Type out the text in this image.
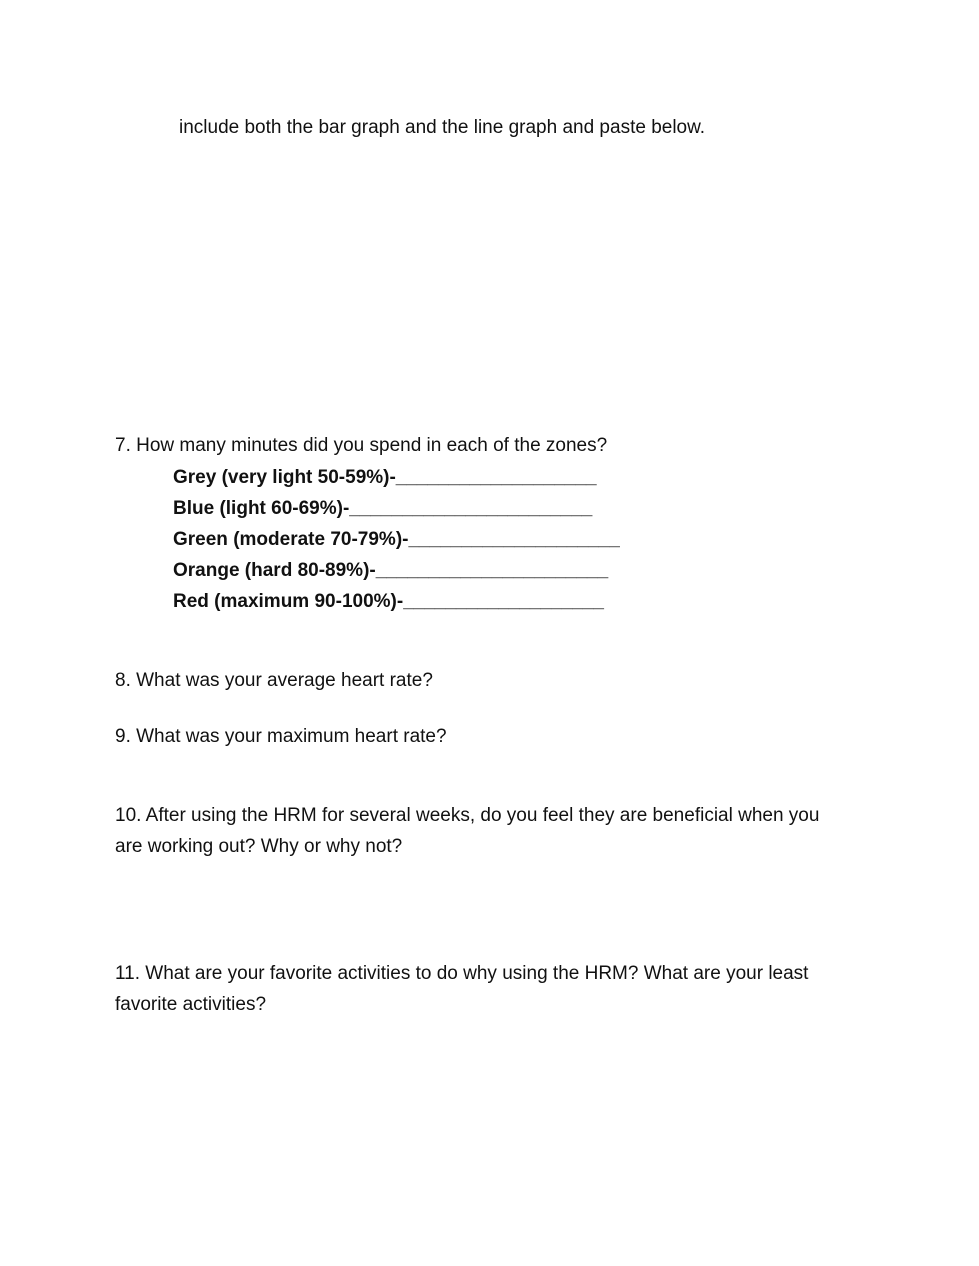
include both the bar graph and the line graph and paste below.
7. How many minutes did you spend in each of the zones?
Grey (very light 50-59%)-___________________
Blue (light 60-69%)-_______________________
Green (moderate 70-79%)-____________________
Orange (hard 80-89%)-______________________
Red (maximum 90-100%)-___________________
8. What was your average heart rate?
9. What was your maximum heart rate?
10. After using the HRM for several weeks, do you feel they are beneficial when you
are working out? Why or why not?
11. What are your favorite activities to do why using the HRM? What are your least
favorite activities?
